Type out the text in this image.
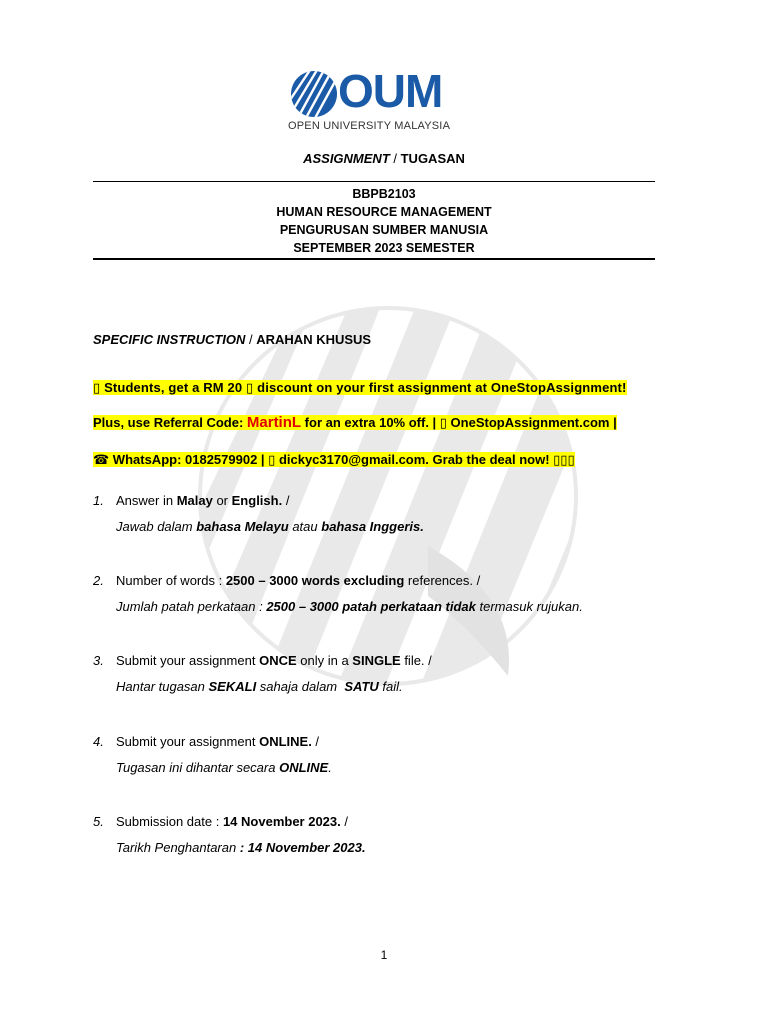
OUM
OPEN UNIVERSITY MALAYSIA
ASSIGNMENT / TUGASAN
BBPB2103
HUMAN RESOURCE MANAGEMENT
PENGURUSAN SUMBER MANUSIA
SEPTEMBER 2023 SEMESTER
SPECIFIC INSTRUCTION / ARAHAN KHUSUS
▯ Students, get a RM 20 ▯ discount on your first assignment at OneStopAssignment!
Plus, use Referral Code: MartinL for an extra 10% off. | ▯ OneStopAssignment.com |
☎ WhatsApp: 0182579902 | ▯ dickyc3170@gmail.com. Grab the deal now! ▯▯▯
1. Answer in Malay or English. /
Jawab dalam bahasa Melayu atau bahasa Inggeris.
2. Number of words : 2500 – 3000 words excluding references. /
Jumlah patah perkataan : 2500 – 3000 patah perkataan tidak termasuk rujukan.
3. Submit your assignment ONCE only in a SINGLE file. /
Hantar tugasan SEKALI sahaja dalam  SATU fail.
4. Submit your assignment ONLINE. /
Tugasan ini dihantar secara ONLINE.
5. Submission date : 14 November 2023. /
Tarikh Penghantaran : 14 November 2023.
1
